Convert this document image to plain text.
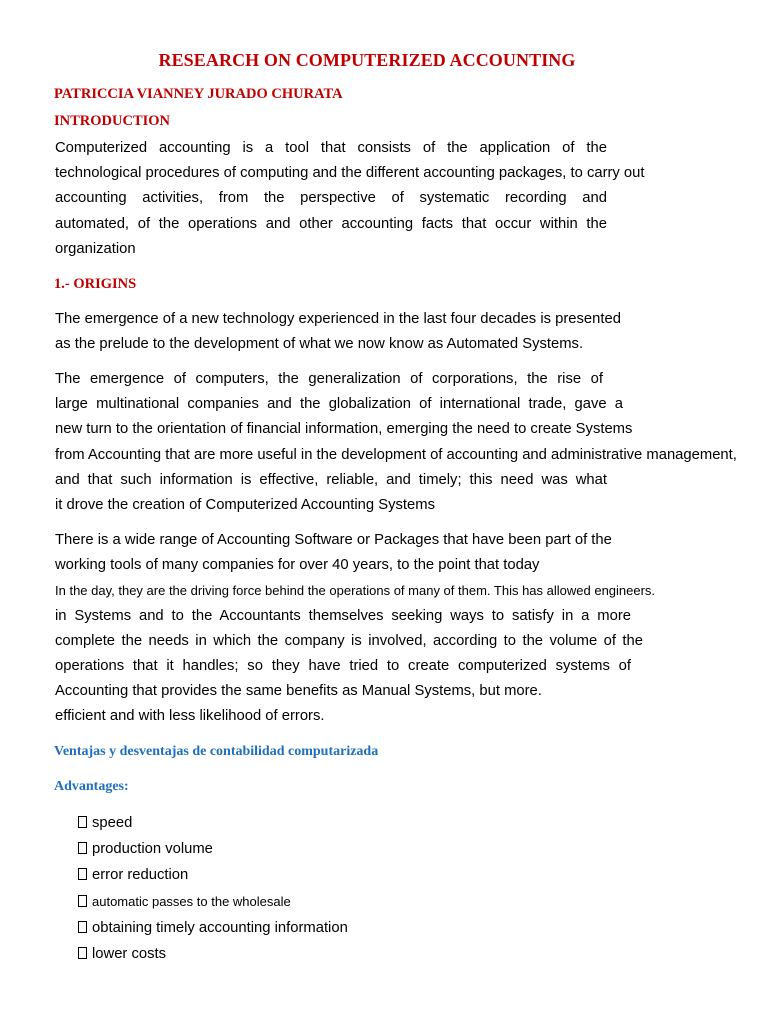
RESEARCH ON COMPUTERIZED ACCOUNTING
PATRICCIA VIANNEY JURADO CHURATA
INTRODUCTION
Computerized accounting is a tool that consists of the application of the
technological procedures of computing and the different accounting packages, to carry out
accounting activities, from the perspective of systematic recording and
automated, of the operations and other accounting facts that occur within the
organization
1.- ORIGINS
The emergence of a new technology experienced in the last four decades is presented
as the prelude to the development of what we now know as Automated Systems.
The emergence of computers, the generalization of corporations, the rise of
large multinational companies and the globalization of international trade, gave a
new turn to the orientation of financial information, emerging the need to create Systems
from Accounting that are more useful in the development of accounting and administrative management,
and that such information is effective, reliable, and timely; this need was what
it drove the creation of Computerized Accounting Systems
There is a wide range of Accounting Software or Packages that have been part of the
working tools of many companies for over 40 years, to the point that today
In the day, they are the driving force behind the operations of many of them. This has allowed engineers.
in Systems and to the Accountants themselves seeking ways to satisfy in a more
complete the needs in which the company is involved, according to the volume of the
operations that it handles; so they have tried to create computerized systems of
Accounting that provides the same benefits as Manual Systems, but more.
efficient and with less likelihood of errors.
Ventajas y desventajas de contabilidad computarizada
Advantages:
speed
production volume
error reduction
automatic passes to the wholesale
obtaining timely accounting information
lower costs
